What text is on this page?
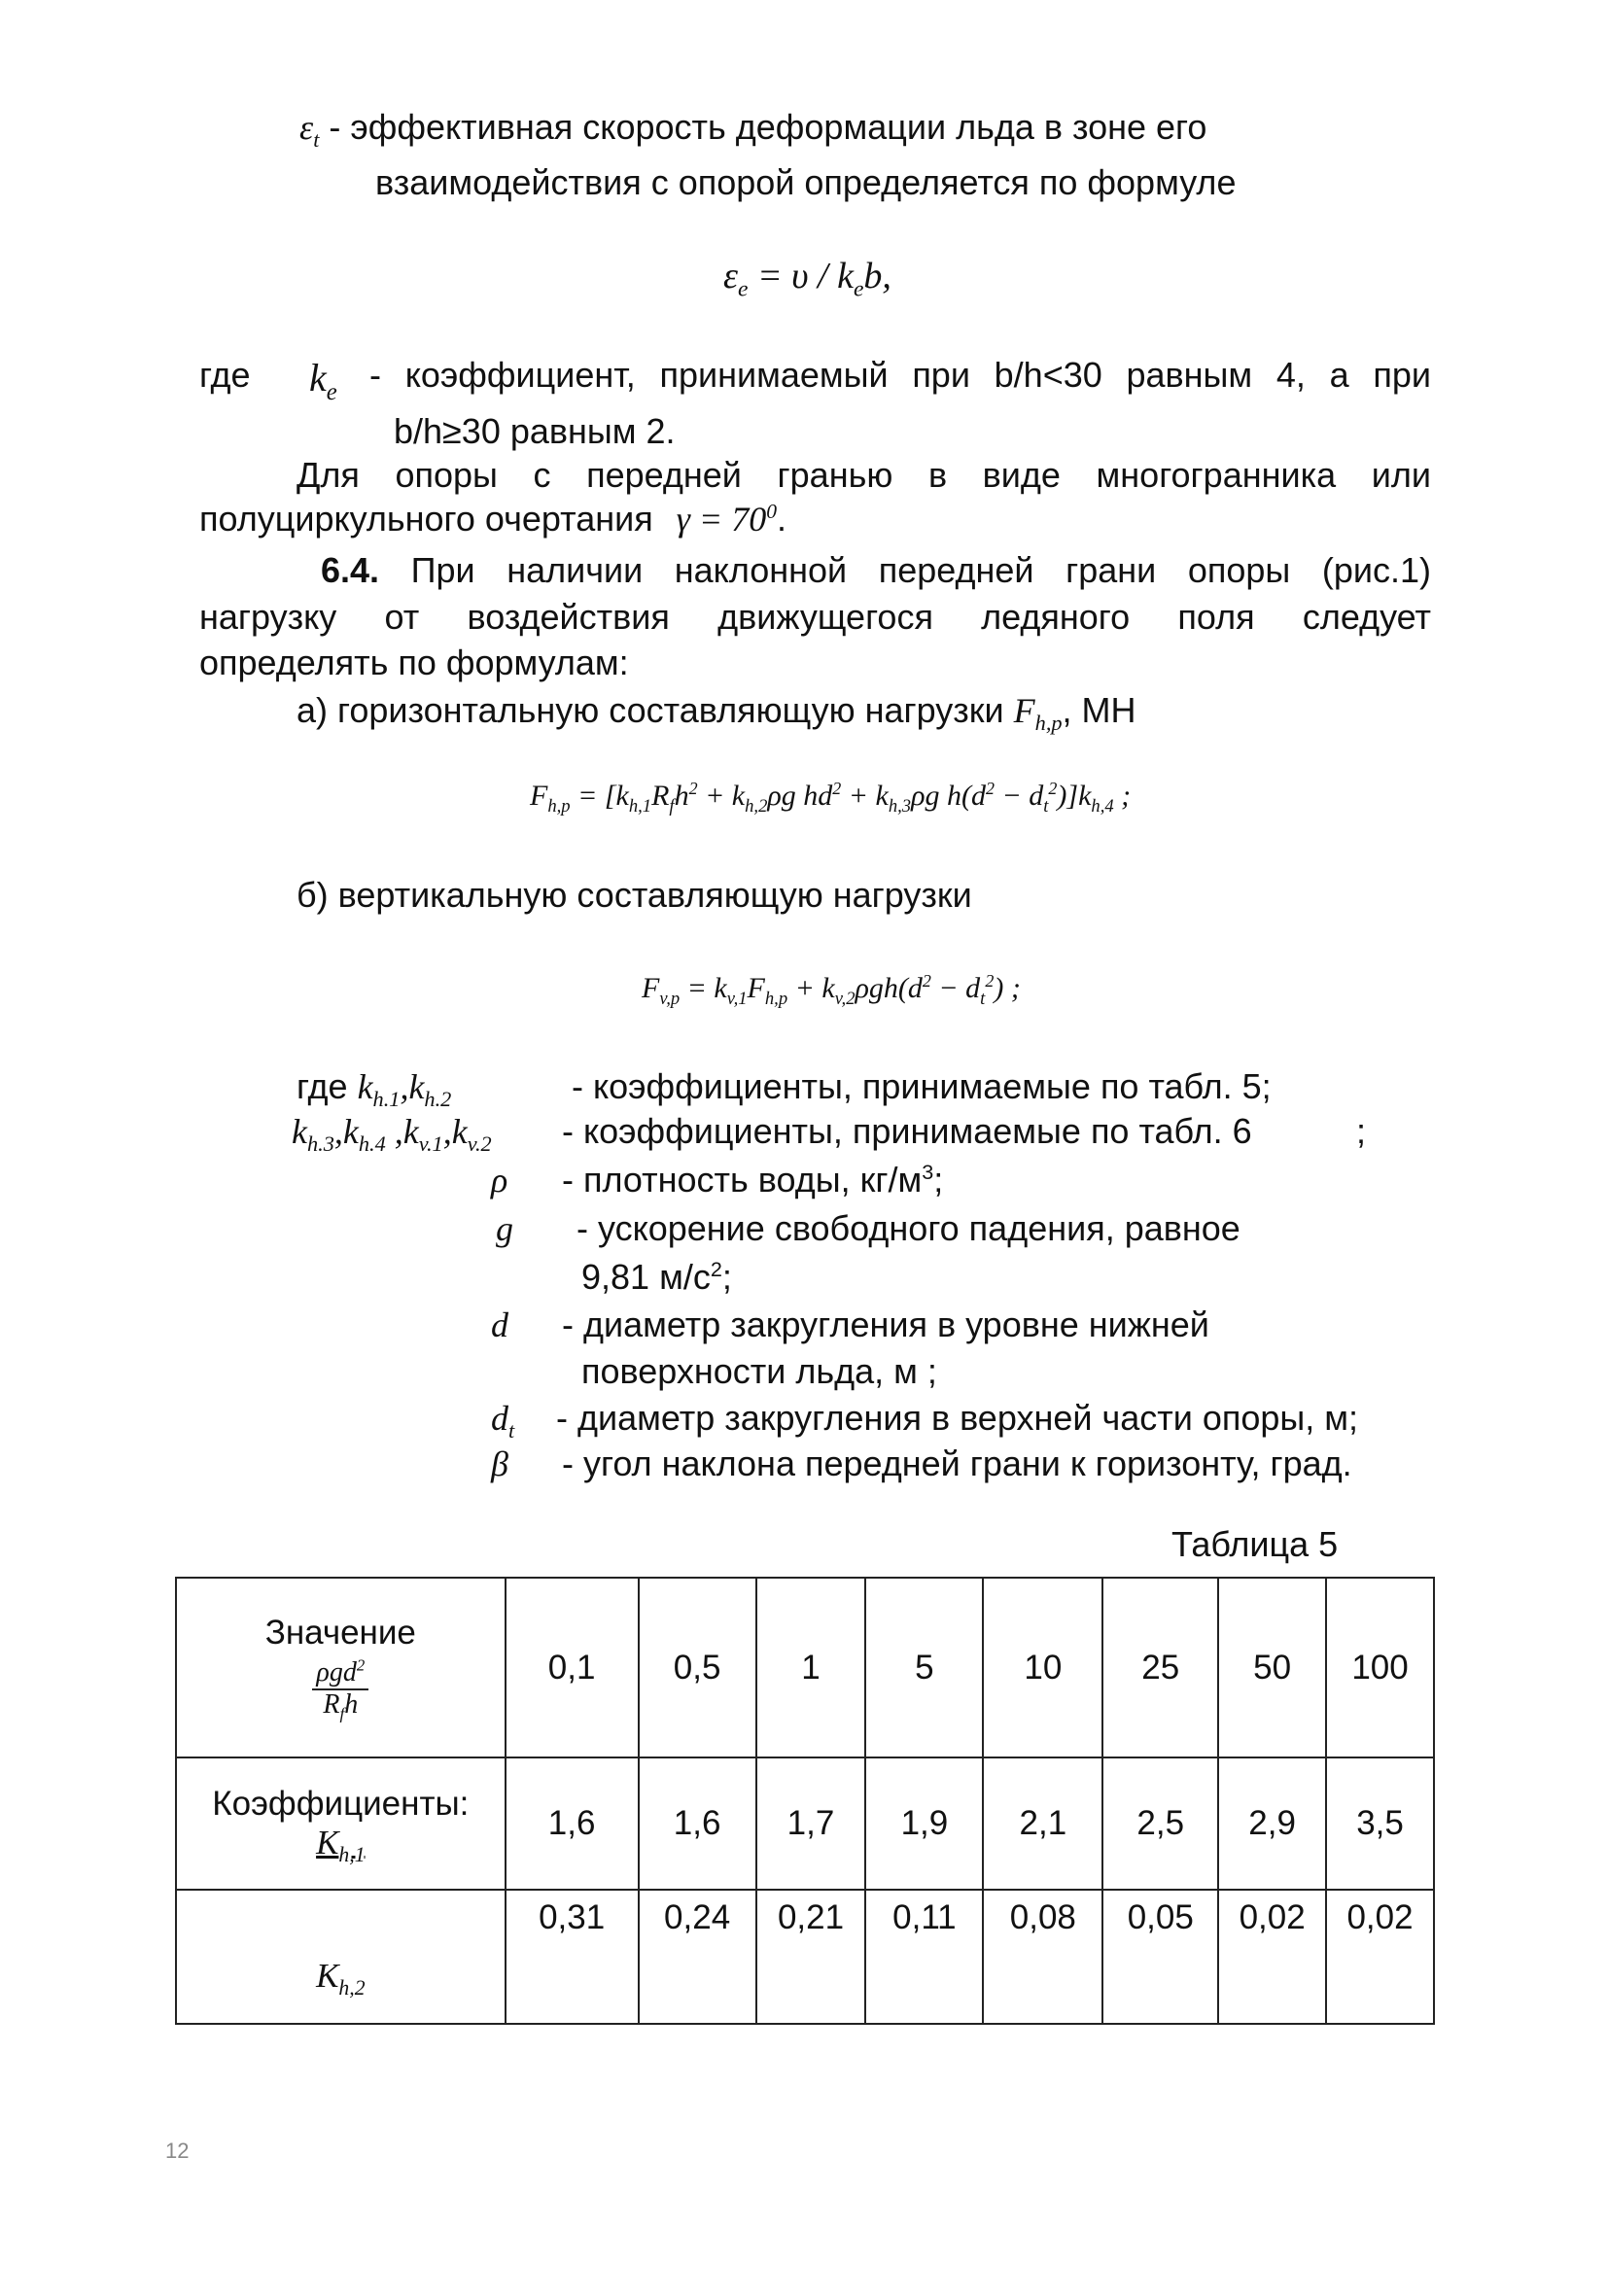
$\varepsilon_t$ - эффективная скорость деформации льда в зоне его
взаимодействия с опорой определяется по формуле
$\varepsilon_e = \upsilon / k_eb$,
где $k_e$ - коэффициент, принимаемый при b/h<30 равным 4, а при
b/h≥30 равным 2.
Для опоры с передней гранью в виде многогранника или
полуциркульного очертания $\gamma = 70^0$.
6.4. При наличии наклонной передней грани опоры (рис.1)
нагрузку от воздействия движущегося ледяного поля следует
определять по формулам:
а) горизонтальную составляющую нагрузки $F_{h,p}$, МН
$F_{h,p} = [k_{h,1}R_fh^2 + k_{h,2}\rho g$ $hd^2 + k_{h,3}\rho g$ $h(d^2 - d_t^2)]k_{h,4}$ ;
б) вертикальную составляющую нагрузки
$F_{v,p} = k_{v,1}F_{h,p} + k_{v,2}\rho gh(d^2 - d_t^2)$ ;
где $k_{h.1},k_{h.2}$	- коэффициенты, принимаемые по табл. 5;
$k_{h.3},k_{h.4}$ $,k_{v.1},k_{v.2}$ - коэффициенты, принимаемые по табл. 6	;
ρ - плотность воды, $кг/м^3$;
g - ускорение свободного падения, равное
9,81 $м/с^2$;
d - диаметр закругления в уровне нижней
поверхности льда, м ;
$d_t$ - диаметр закругления в верхней части опоры, м;
β - угол наклона передней грани к горизонту, град.
Таблица 5
Значение
$\frac{\rho gd^2}{R_fh}$	0,1	0,5	1	5	10	25	50	100

Коэффициенты:
$K_{h,1}$	1,6	1,6	1,7	1,9	2,1	2,5	2,9	3,5

$K_{h,2}$	0,31	0,24	0,21	0,11	0,08	0,05	0,02	0,02
12
